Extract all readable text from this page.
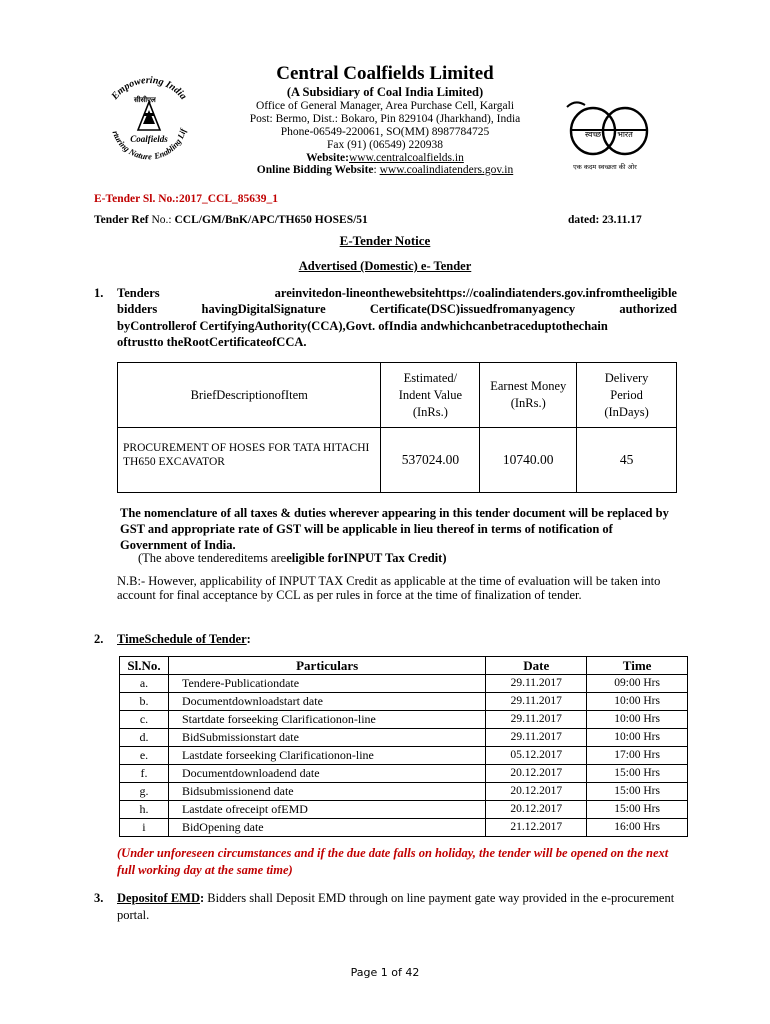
Empowering India
rturing Nature Enabling Lif
Coalfields
सीसीएल
Central Coalfields Limited
(A Subsidiary of Coal India Limited)
Office of General Manager, Area Purchase Cell, Kargali
Post: Bermo, Dist.: Bokaro, Pin 829104 (Jharkhand), India
Phone-06549-220061, SO(MM) 8987784725
Fax (91) (06549) 220938
Website:www.centralcoalfields.in
Online Bidding Website: www.coalindiatenders.gov.in
स्वच्छ भारत
एक कदम स्वच्छता की ओर
E-Tender Sl. No.:2017_CCL_85639_1
Tender Ref No.: CCL/GM/BnK/APC/TH650 HOSES/51	dated: 23.11.17
E-Tender Notice
Advertised (Domestic) e- Tender
1. Tenders	areinvitedon-lineonthewebsitehttps://coalindiatenders.gov.infromtheeligible
bidders	havingDigitalSignature	Certificate(DSC)issuedfromanyagency	authorized
byControllerof CertifyingAuthority(CCA),Govt. ofIndia andwhichcanbetraceduptothechain
oftrustto theRootCertificateofCCA.
BriefDescriptionofItem	Estimated/
Indent Value
(InRs.)	Earnest Money
(InRs.)	Delivery
Period
(InDays)
PROCUREMENT OF HOSES FOR TATA HITACHI TH650 EXCAVATOR	537024.00	10740.00	45
The nomenclature of all taxes & duties wherever appearing in this tender document will be replaced by GST and appropriate rate of GST will be applicable in lieu thereof in terms of notification of Government of India.
(The above tendereditems areeligible forINPUT Tax Credit)
N.B:- However, applicability of INPUT TAX Credit as applicable at the time of evaluation will be taken into account for final acceptance by CCL as per rules in force at the time of finalization of tender.
2. TimeSchedule of Tender:
Sl.No.	Particulars	Date	Time
a.	Tendere-Publicationdate	29.11.2017	09:00 Hrs
b.	Documentdownloadstart date	29.11.2017	10:00 Hrs
c.	Startdate forseeking Clarificationon-line	29.11.2017	10:00 Hrs
d.	BidSubmissionstart date	29.11.2017	10:00 Hrs
e.	Lastdate forseeking Clarificationon-line	05.12.2017	17:00 Hrs
f.	Documentdownloadend date	20.12.2017	15:00 Hrs
g.	Bidsubmissionend date	20.12.2017	15:00 Hrs
h.	Lastdate ofreceipt ofEMD	20.12.2017	15:00 Hrs
i	BidOpening date	21.12.2017	16:00 Hrs
(Under unforeseen circumstances and if the due date falls on holiday, the tender will be opened on the next full working day at the same time)
3. Depositof EMD: Bidders shall Deposit EMD through on line payment gate way provided in the e-procurement portal.
Page 1 of 42
